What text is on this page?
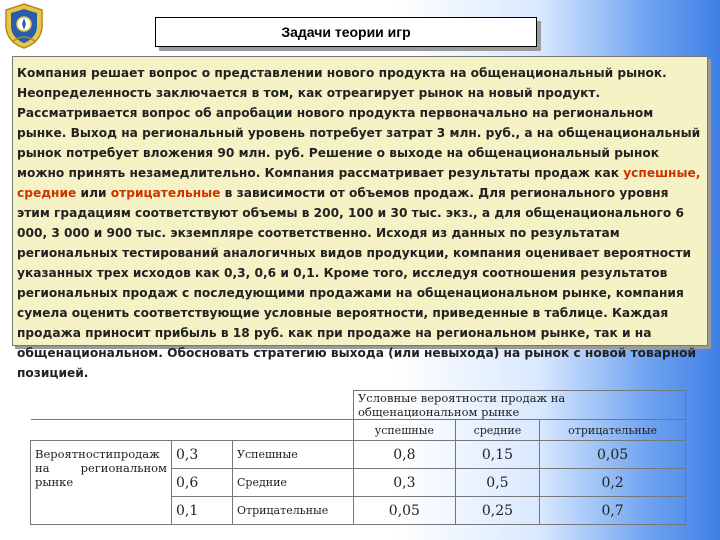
Задачи теории игр

Компания решает вопрос о представлении нового продукта на общенациональный рынок. Неопределенность заключается в том, как отреагирует рынок на новый продукт. Рассматривается вопрос об апробации нового продукта первоначально на региональном рынке. Выход на региональный уровень потребует затрат 3 млн. руб., а на общенациональный рынок потребует вложения 90 млн. руб. Решение о выходе на общенациональный рынок можно принять незамедлительно. Компания рассматривает результаты продаж как успешные, средние или отрицательные в зависимости от объемов продаж. Для регионального уровня этим градациям соответствуют объемы в 200, 100 и 30 тыс. экз., а для общенационального 6 000, 3 000 и 900 тыс. экземпляре соответственно. Исходя из данных по результатам региональных тестирований аналогичных видов продукции, компания оценивает вероятности указанных трех исходов как 0,3, 0,6 и 0,1. Кроме того, исследуя соотношения результатов региональных продаж с последующими продажами на общенациональном рынке, компания сумела оценить соответствующие условные вероятности, приведенные в таблице. Каждая продажа приносит прибыль в 18 руб. как при продаже на региональном рынке, так и на общенациональном. Обосновать стратегию выхода (или невыхода) на рынок с новой товарной позицией.

			Условные вероятности продаж на общенациональном рынке		
			успешные	средние	отрицательные
Вероятностипродаж на региональном рынке	0,3	Успешные	0,8	0,15	0,05
	0,6	Средние	0,3	0,5	0,2
	0,1	Отрицательные	0,05	0,25	0,7
